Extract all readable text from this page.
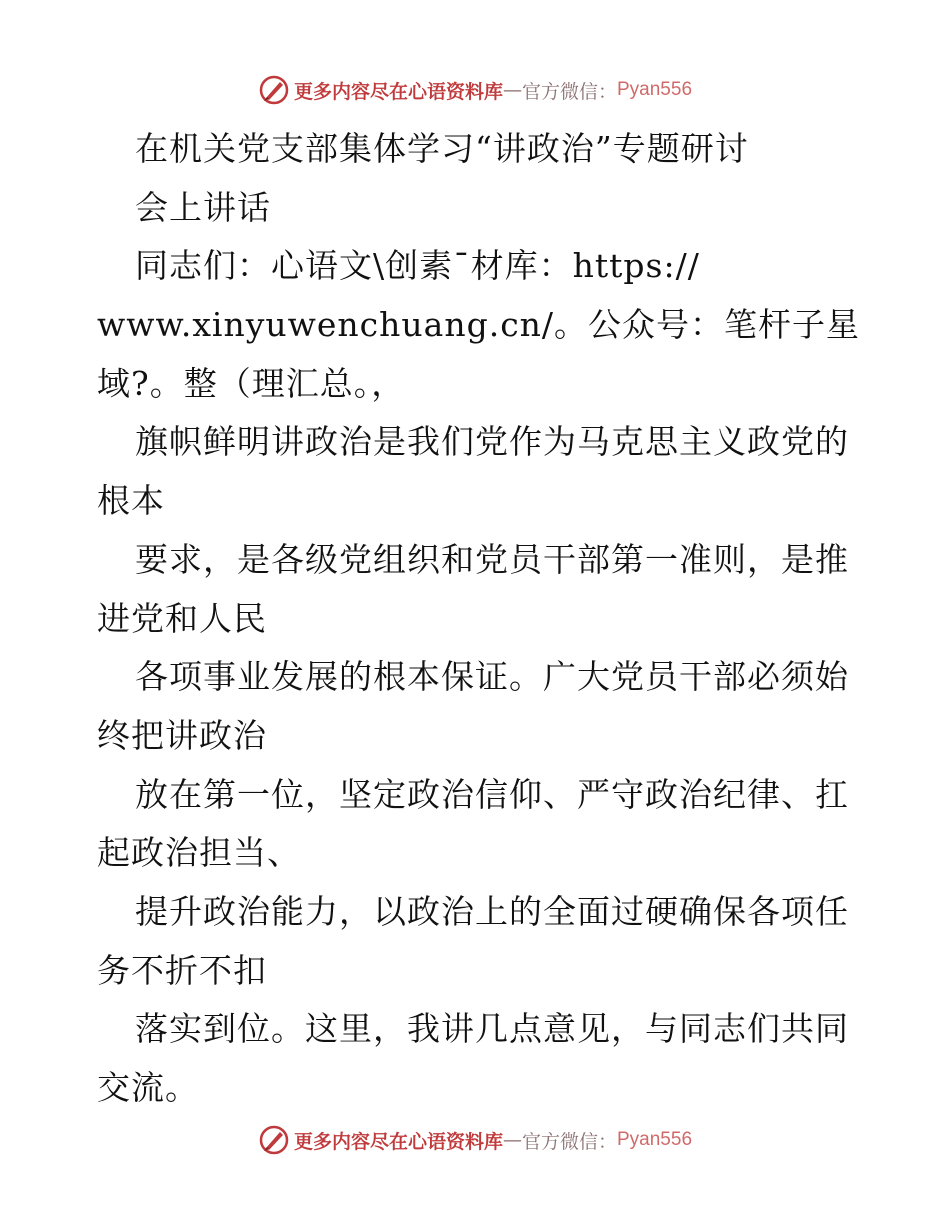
更多内容尽在心语资料库 — 官方微信： Pyan556
在机关党支部集体学习“讲政治”专题研讨
会上讲话
同志们：心语文\创素¯材库：https://
www.xinyuwenchuang.cn/。公众号：笔杆子星
域?。整（理汇总。，
旗帜鲜明讲政治是我们党作为马克思主义政党的
根本
要求，是各级党组织和党员干部第一准则，是推
进党和人民
各项事业发展的根本保证。广大党员干部必须始
终把讲政治
放在第一位，坚定政治信仰、严守政治纪律、扛
起政治担当、
提升政治能力，以政治上的全面过硬确保各项任
务不折不扣
落实到位。这里，我讲几点意见，与同志们共同
交流。
更多内容尽在心语资料库 — 官方微信： Pyan556
